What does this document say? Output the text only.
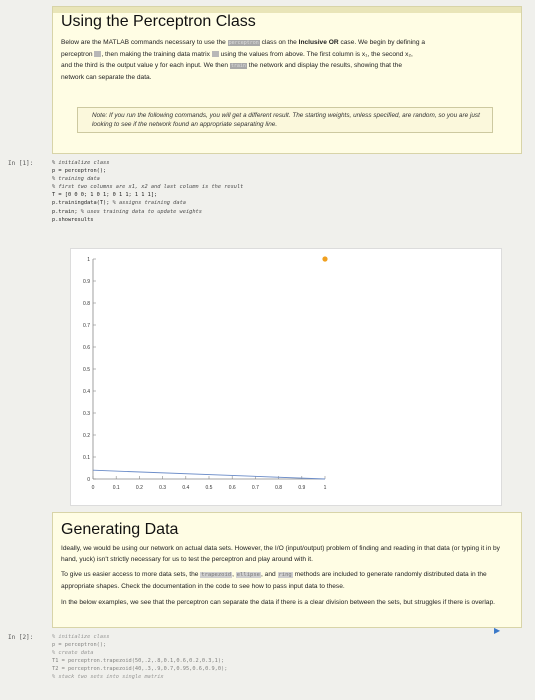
Using the Perceptron Class
Below are the MATLAB commands necessary to use the perceptron class on the Inclusive OR case. We begin by defining a
perceptron , then making the training data matrix using the values from above. The first column is x₁, the second x₂,
and the third is the output value y for each input. We then train the network and display the results, showing that the
network can separate the data.
Note: If you run the following commands, you will get a different result. The starting weights, unless specified, are random, so you are just looking to see if the network found an appropriate separating line.
In [1]:	% initialize class
p = perceptron();
% training data
% first two columns are x1, x2 and last column is the result
T = [0 0 0; 1 0 1; 0 1 1; 1 1 1];
p.trainingdata(T); % assigns training data
p.train; % uses training data to update weights
p.showresults
0	0.1	0.2	0.3	0.4	0.5	0.6	0.7	0.8	0.9	1
0
0.1
0.2
0.3
0.4
0.5
0.6
0.7
0.8
0.9
1
Generating Data
Ideally, we would be using our network on actual data sets. However, the I/O (input/output) problem of finding and reading in that data (or typing it in by hand, yuck) isn't strictly necessary for us to test the perceptron and play around with it.
To give us easier access to more data sets, the trapezoid, ellipse, and ring methods are included to generate randomly distributed data in the appropriate shapes. Check the documentation in the code to see how to pass input data to these.
In the below examples, we see that the perceptron can separate the data if there is a clear division between the sets, but struggles if there is overlap.
▶
In [2]:	% initialize class
p = perceptron();
% create data
T1 = perceptron.trapezoid(50,.2,.8,0.1,0.6,0.2,0.3,1);
T2 = perceptron.trapezoid(40,.3,.9,0.7,0.95,0.6,0.9,0);
% stack two sets into single matrix
